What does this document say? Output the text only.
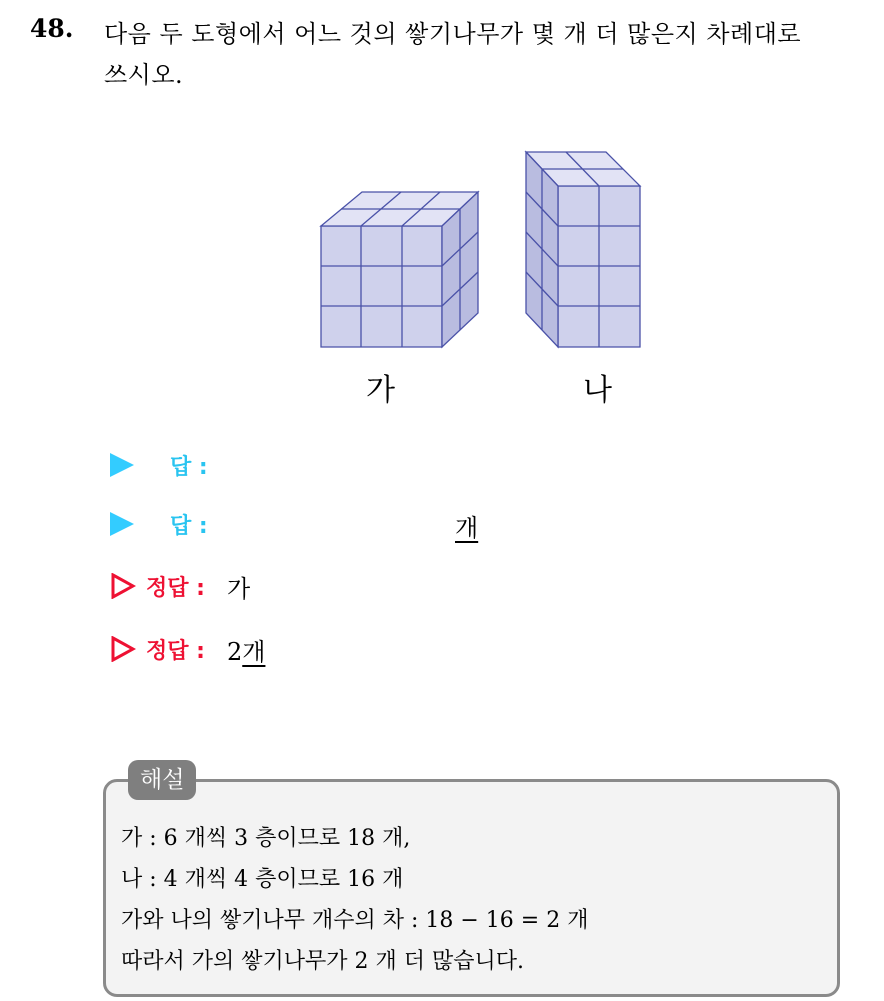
48. 다음 두 도형에서 어느 것의 쌓기나무가 몇 개 더 많은지 차례대로
쓰시오.
가	나
답 :
답 :	개
정답 : 가
정답 : 2개
해설
가 : 6 개씩 3 층이므로 18 개,
나 : 4 개씩 4 층이므로 16 개
가와 나의 쌓기나무 개수의 차 : 18 − 16 = 2 개
따라서 가의 쌓기나무가 2 개 더 많습니다.
